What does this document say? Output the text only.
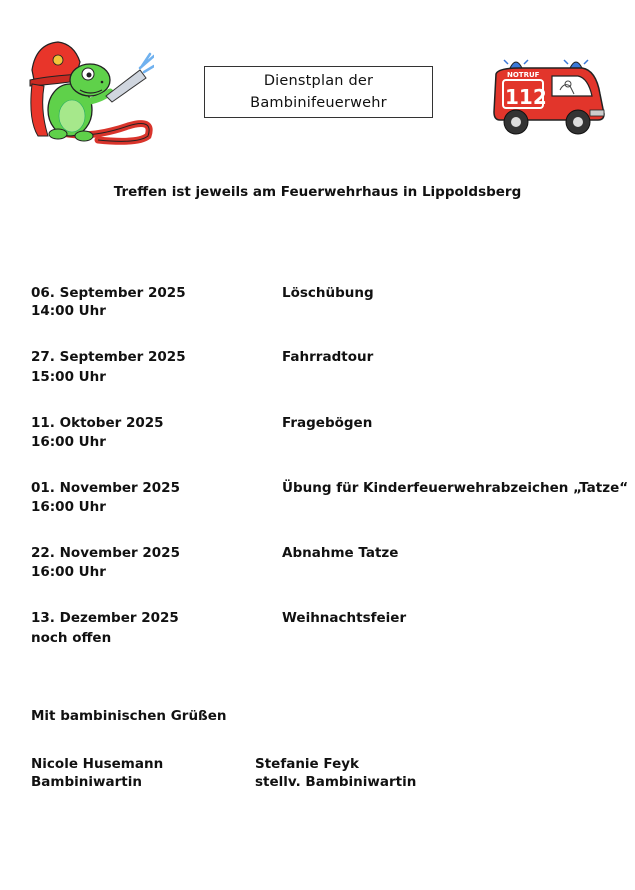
Dienstplan der
Bambinifeuerwehr
NOTRUF
112
Treffen ist jeweils am Feuerwehrhaus in Lippoldsberg
06. September 2025
14:00 Uhr
Löschübung
27. September 2025
15:00 Uhr
Fahrradtour
11. Oktober 2025
16:00 Uhr
Fragebögen
01. November 2025
16:00 Uhr
Übung für Kinderfeuerwehrabzeichen „Tatze“
22. November 2025
16:00 Uhr
Abnahme Tatze
13. Dezember 2025
noch offen
Weihnachtsfeier
Mit bambinischen Grüßen
Nicole Husemann
Bambiniwartin
Stefanie Feyk
stellv. Bambiniwartin
